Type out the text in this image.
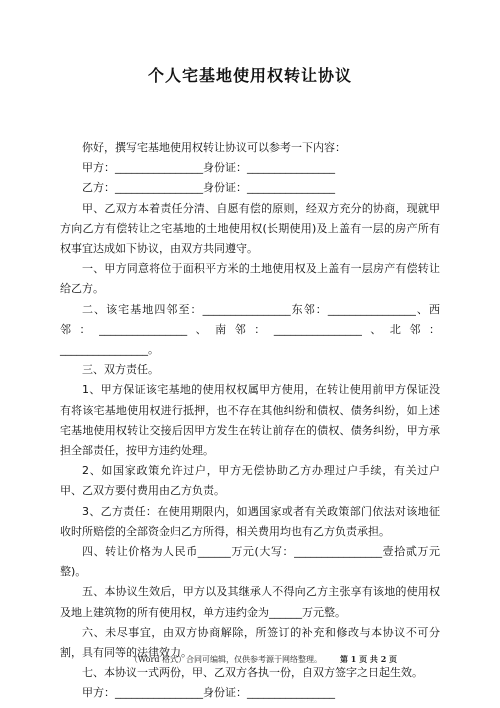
个人宅基地使用权转让协议

你好，撰写宅基地使用权转让协议可以参考一下内容：

甲方：________________身份证：________________

乙方：________________身份证：________________

甲、乙双方本着责任分清、自愿有偿的原则，经双方充分的协商，现就甲方向乙方有偿转让之宅基地的土地使用权(长期使用)及上盖有一层的房产所有权事宜达成如下协议，由双方共同遵守。

一、甲方同意将位于面积平方米的土地使用权及上盖有一层房产有偿转让给乙方。

二、该宅基地四邻至：________________东邻：________________、西邻：________________、南邻：________________、北邻：________________。

三、双方责任。

1、甲方保证该宅基地的使用权权属甲方使用，在转让使用前甲方保证没有将该宅基地使用权进行抵押，也不存在其他纠纷和债权、债务纠纷，如上述宅基地使用权转让交接后因甲方发生在转让前存在的债权、债务纠纷，甲方承担全部责任，按甲方违约处理。

2、如国家政策允许过户，甲方无偿协助乙方办理过户手续，有关过户甲、乙双方要付费用由乙方负责。

3、乙方责任：在使用期限内，如遇国家或者有关政策部门依法对该地征收时所赔偿的全部资金归乙方所得，相关费用均也有乙方负责承担。

四、转让价格为人民币______万元(大写：________________壹拾贰万元整)。

五、本协议生效后，甲方以及其继承人不得向乙方主张享有该地的使用权及地上建筑物的所有使用权，单方违约金为______万元整。

六、未尽事宜，由双方协商解除，所签订的补充和修改与本协议不可分割，具有同等的法律效力。

七、本协议一式两份，甲、乙双方各执一份，自双方签字之日起生效。

甲方：________________身份证：________________

（Word 格式）合同可编辑，仅供参考源于网络整理。 第 1 页 共 2 页
